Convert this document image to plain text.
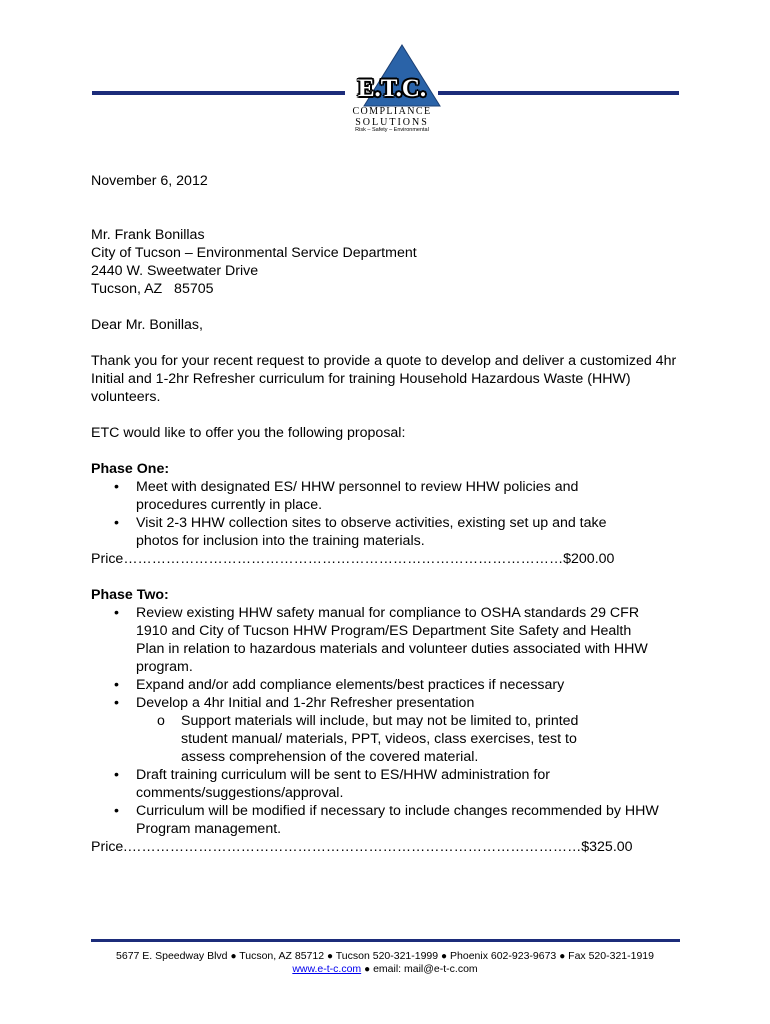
E.T.C.
COMPLIANCE
SOLUTIONS
Risk – Safety – Environmental

November 6, 2012

Mr. Frank Bonillas

City of Tucson – Environmental Service Department

2440 W. Sweetwater Drive

Tucson, AZ   85705

Dear Mr. Bonillas,

Thank you for your recent request to provide a quote to develop and deliver a customized 4hr Initial and 1-2hr Refresher curriculum for training Household Hazardous Waste (HHW) volunteers.

ETC would like to offer you the following proposal:

Phase One:

• Meet with designated ES/ HHW personnel to review HHW policies and procedures currently in place.
• Visit 2-3 HHW collection sites to observe activities, existing set up and take photos for inclusion into the training materials.

Price…………………………………………………………………………………$200.00

Phase Two:

• Review existing HHW safety manual for compliance to OSHA standards 29 CFR 1910 and City of Tucson HHW Program/ES Department Site Safety and Health Plan in relation to hazardous materials and volunteer duties associated with HHW program.
• Expand and/or add compliance elements/best practices if necessary
• Develop a 4hr Initial and 1-2hr Refresher presentation
o Support materials will include, but may not be limited to, printed student manual/ materials, PPT, videos, class exercises, test to assess comprehension of the covered material.
• Draft training curriculum will be sent to ES/HHW administration for comments/suggestions/approval.
• Curriculum will be modified if necessary to include changes recommended by HHW Program management.

Price.……………………………………………………………………………………$325.00

5677 E. Speedway Blvd ● Tucson, AZ 85712 ● Tucson 520-321-1999 ● Phoenix 602-923-9673 ● Fax 520-321-1919
www.e-t-c.com ● email: mail@e-t-c.com
